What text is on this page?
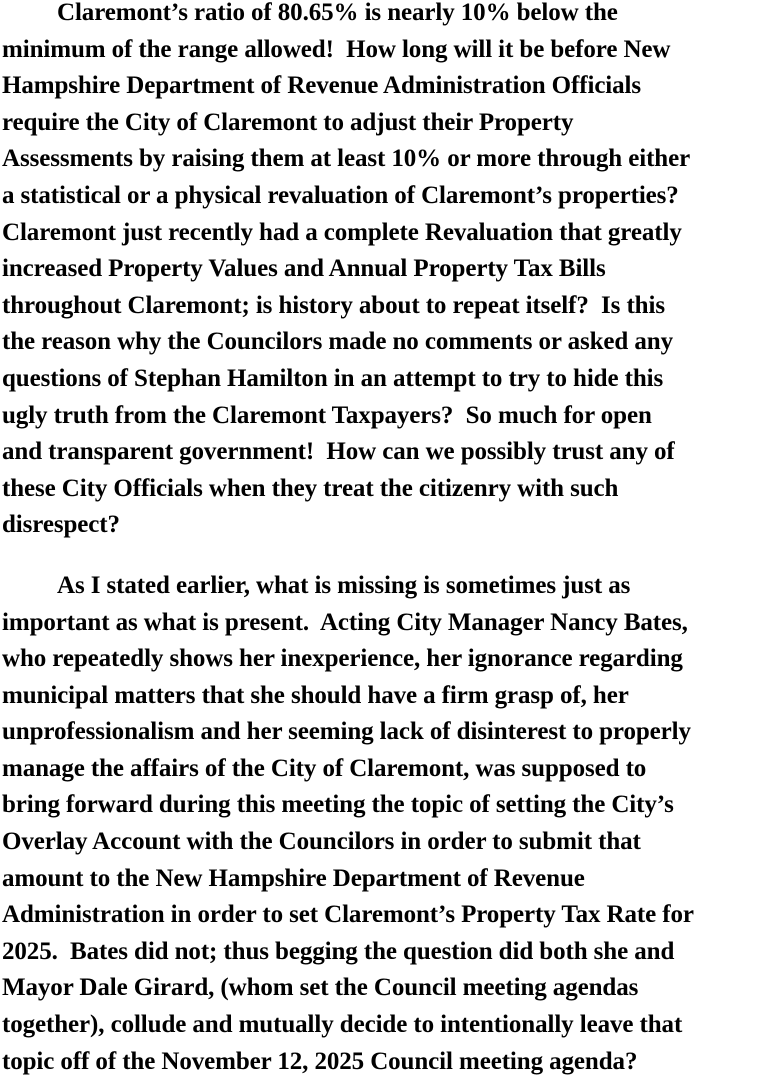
Claremont’s ratio of 80.65% is nearly 10% below the
minimum of the range allowed!  How long will it be before New
Hampshire Department of Revenue Administration Officials
require the City of Claremont to adjust their Property
Assessments by raising them at least 10% or more through either
a statistical or a physical revaluation of Claremont’s properties?
Claremont just recently had a complete Revaluation that greatly
increased Property Values and Annual Property Tax Bills
throughout Claremont; is history about to repeat itself?  Is this
the reason why the Councilors made no comments or asked any
questions of Stephan Hamilton in an attempt to try to hide this
ugly truth from the Claremont Taxpayers?  So much for open
and transparent government!  How can we possibly trust any of
these City Officials when they treat the citizenry with such
disrespect?
As I stated earlier, what is missing is sometimes just as
important as what is present.  Acting City Manager Nancy Bates,
who repeatedly shows her inexperience, her ignorance regarding
municipal matters that she should have a firm grasp of, her
unprofessionalism and her seeming lack of disinterest to properly
manage the affairs of the City of Claremont, was supposed to
bring forward during this meeting the topic of setting the City’s
Overlay Account with the Councilors in order to submit that
amount to the New Hampshire Department of Revenue
Administration in order to set Claremont’s Property Tax Rate for
2025.  Bates did not; thus begging the question did both she and
Mayor Dale Girard, (whom set the Council meeting agendas
together), collude and mutually decide to intentionally leave that
topic off of the November 12, 2025 Council meeting agenda?
